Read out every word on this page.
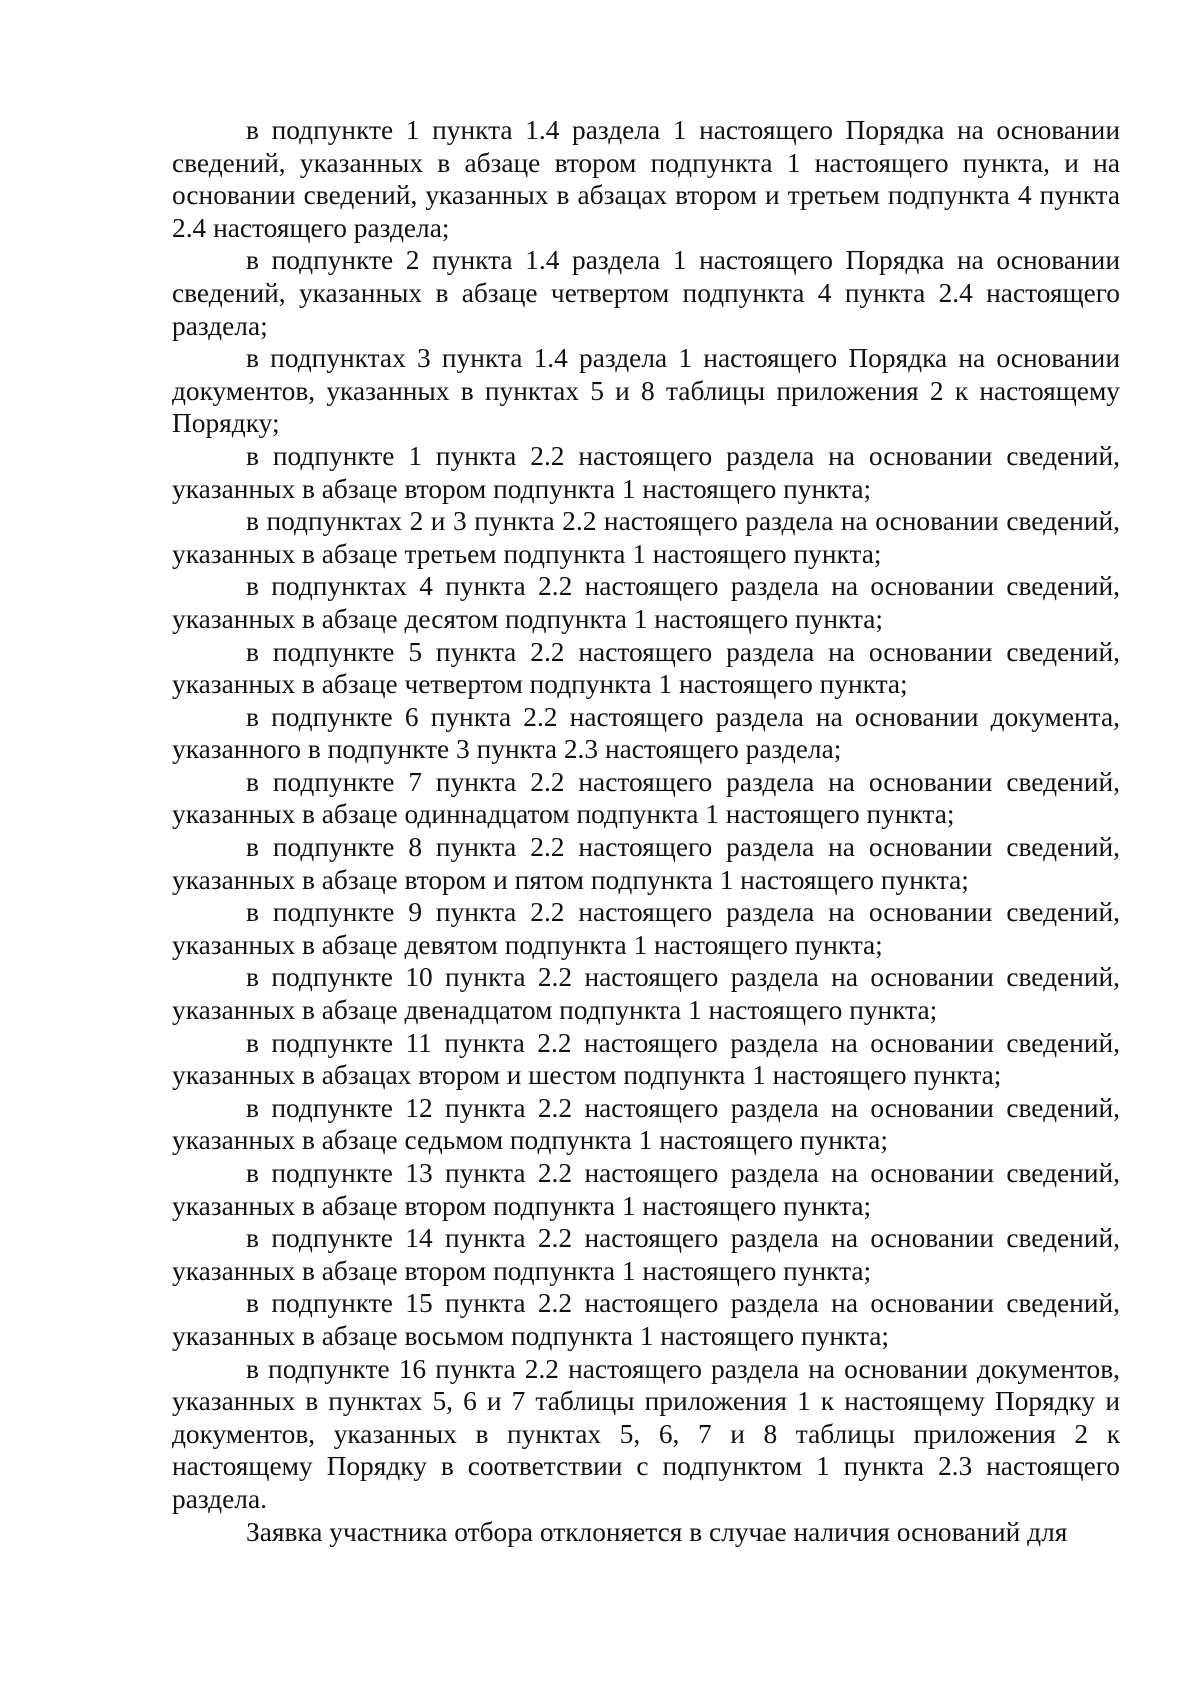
в подпункте 1 пункта 1.4 раздела 1 настоящего Порядка на основании сведений, указанных в абзаце втором подпункта 1 настоящего пункта, и на основании сведений, указанных в абзацах втором и третьем подпункта 4 пункта 2.4 настоящего раздела;

в подпункте 2 пункта 1.4 раздела 1 настоящего Порядка на основании сведений, указанных в абзаце четвертом подпункта 4 пункта 2.4 настоящего раздела;

в подпунктах 3 пункта 1.4 раздела 1 настоящего Порядка на основании документов, указанных в пунктах 5 и 8 таблицы приложения 2 к настоящему Порядку;

в подпункте 1 пункта 2.2 настоящего раздела на основании сведений, указанных в абзаце втором подпункта 1 настоящего пункта;

в подпунктах 2 и 3 пункта 2.2 настоящего раздела на основании сведений, указанных в абзаце третьем подпункта 1 настоящего пункта;

в подпунктах 4 пункта 2.2 настоящего раздела на основании сведений, указанных в абзаце десятом подпункта 1 настоящего пункта;

в подпункте 5 пункта 2.2 настоящего раздела на основании сведений, указанных в абзаце четвертом подпункта 1 настоящего пункта;

в подпункте 6 пункта 2.2 настоящего раздела на основании документа, указанного в подпункте 3 пункта 2.3 настоящего раздела;

в подпункте 7 пункта 2.2 настоящего раздела на основании сведений, указанных в абзаце одиннадцатом подпункта 1 настоящего пункта;

в подпункте 8 пункта 2.2 настоящего раздела на основании сведений, указанных в абзаце втором и пятом подпункта 1 настоящего пункта;

в подпункте 9 пункта 2.2 настоящего раздела на основании сведений, указанных в абзаце девятом подпункта 1 настоящего пункта;

в подпункте 10 пункта 2.2 настоящего раздела на основании сведений, указанных в абзаце двенадцатом подпункта 1 настоящего пункта;

в подпункте 11 пункта 2.2 настоящего раздела на основании сведений, указанных в абзацах втором и шестом подпункта 1 настоящего пункта;

в подпункте 12 пункта 2.2 настоящего раздела на основании сведений, указанных в абзаце седьмом подпункта 1 настоящего пункта;

в подпункте 13 пункта 2.2 настоящего раздела на основании сведений, указанных в абзаце втором подпункта 1 настоящего пункта;

в подпункте 14 пункта 2.2 настоящего раздела на основании сведений, указанных в абзаце втором подпункта 1 настоящего пункта;

в подпункте 15 пункта 2.2 настоящего раздела на основании сведений, указанных в абзаце восьмом подпункта 1 настоящего пункта;

в подпункте 16 пункта 2.2 настоящего раздела на основании документов, указанных в пунктах 5, 6 и 7 таблицы приложения 1 к настоящему Порядку и документов, указанных в пунктах 5, 6, 7 и 8 таблицы приложения 2 к настоящему Порядку в соответствии с подпунктом 1 пункта 2.3 настоящего раздела.

Заявка участника отбора отклоняется в случае наличия оснований для
